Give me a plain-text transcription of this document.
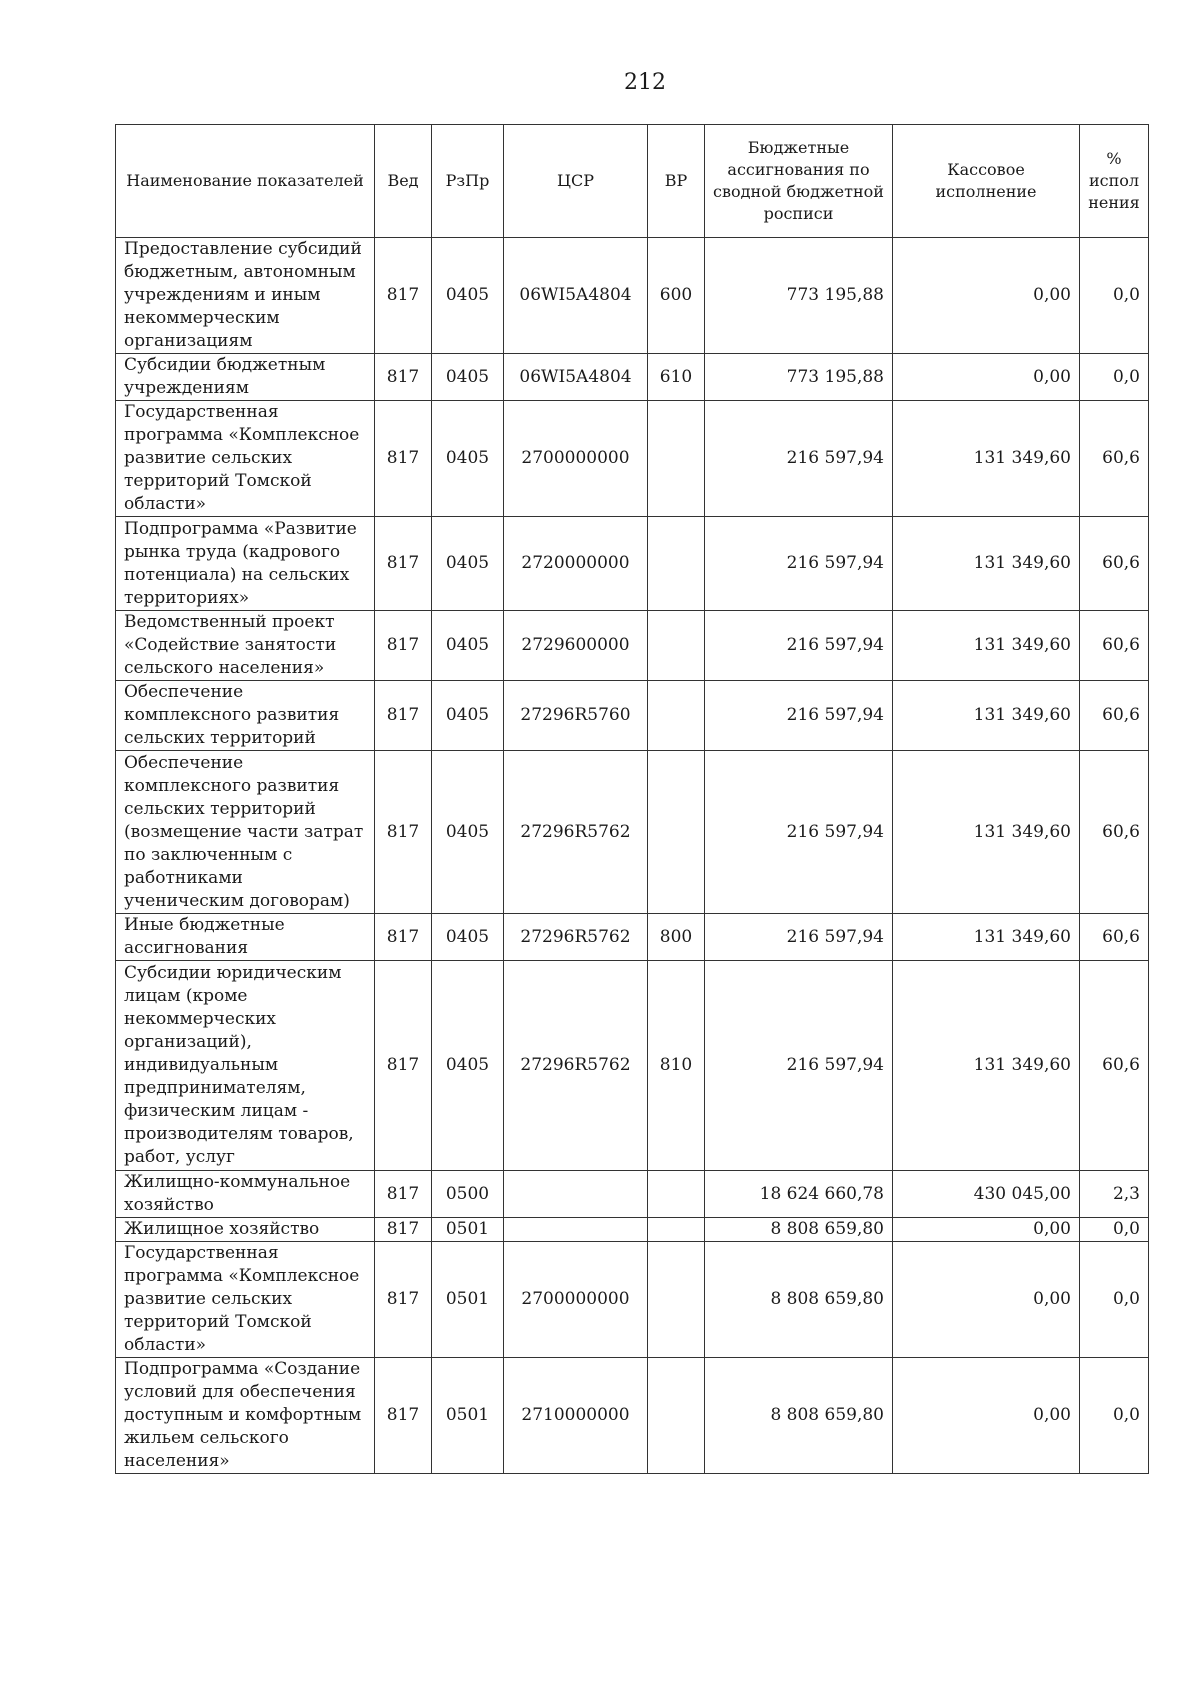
212
Наименование показателей	Вед	РзПр	ЦСР	ВР	Бюджетные ассигнования по сводной бюджетной росписи	Кассовое исполнение	% испол нения
Предоставление субсидий бюджетным, автономным учреждениям и иным некоммерческим организациям	817	0405	06WI5A4804	600	773 195,88	0,00	0,0
Субсидии бюджетным учреждениям	817	0405	06WI5A4804	610	773 195,88	0,00	0,0
Государственная программа «Комплексное развитие сельских территорий Томской области»	817	0405	2700000000		216 597,94	131 349,60	60,6
Подпрограмма «Развитие рынка труда (кадрового потенциала) на сельских территориях»	817	0405	2720000000		216 597,94	131 349,60	60,6
Ведомственный проект «Содействие занятости сельского населения»	817	0405	2729600000		216 597,94	131 349,60	60,6
Обеспечение комплексного развития сельских территорий	817	0405	27296R5760		216 597,94	131 349,60	60,6
Обеспечение комплексного развития сельских территорий (возмещение части затрат по заключенным с работниками ученическим договорам)	817	0405	27296R5762		216 597,94	131 349,60	60,6
Иные бюджетные ассигнования	817	0405	27296R5762	800	216 597,94	131 349,60	60,6
Субсидии юридическим лицам (кроме некоммерческих организаций), индивидуальным предпринимателям, физическим лицам - производителям товаров, работ, услуг	817	0405	27296R5762	810	216 597,94	131 349,60	60,6
Жилищно-коммунальное хозяйство	817	0500			18 624 660,78	430 045,00	2,3
Жилищное хозяйство	817	0501			8 808 659,80	0,00	0,0
Государственная программа «Комплексное развитие сельских территорий Томской области»	817	0501	2700000000		8 808 659,80	0,00	0,0
Подпрограмма «Создание условий для обеспечения доступным и комфортным жильем сельского населения»	817	0501	2710000000		8 808 659,80	0,00	0,0
